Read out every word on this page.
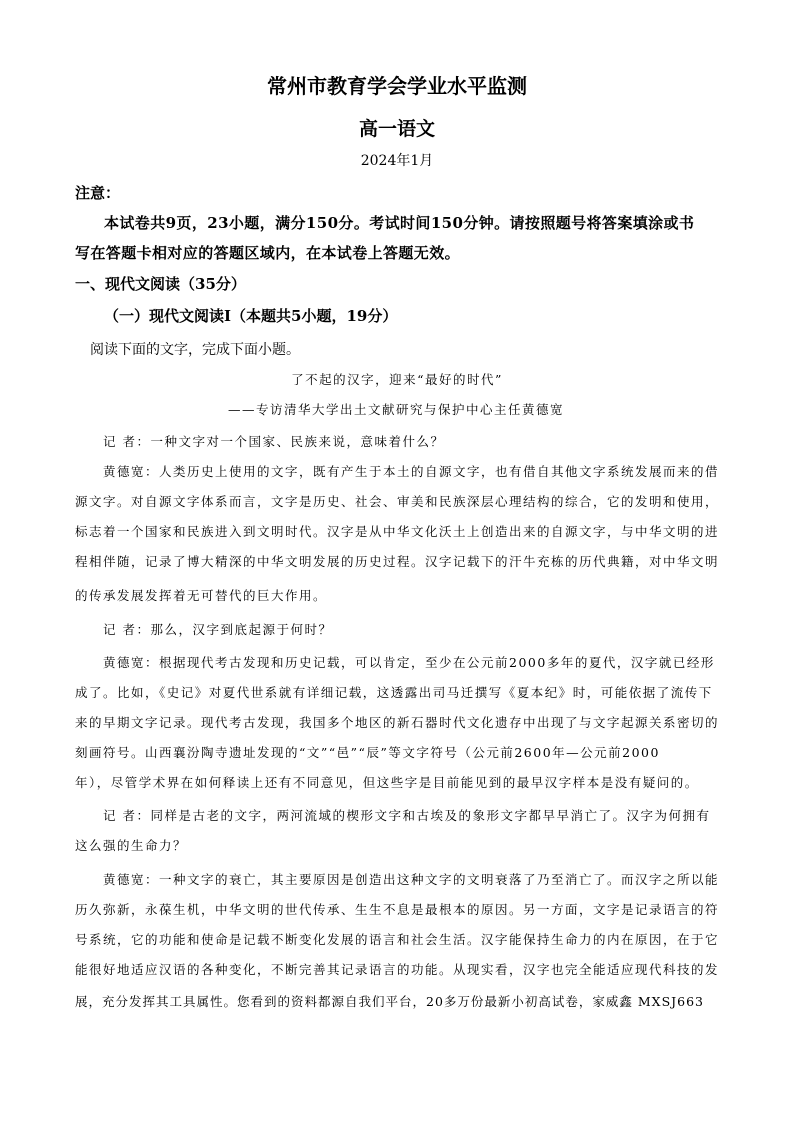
常州市教育学会学业水平监测
高一语文
2024年1月
注意：
本试卷共9页，23小题，满分150分。考试时间150分钟。请按照题号将答案填涂或书
写在答题卡相对应的答题区域内，在本试卷上答题无效。
一、现代文阅读（35分）
（一）现代文阅读Ⅰ（本题共5小题，19分）
阅读下面的文字，完成下面小题。
了不起的汉字，迎来“最好的时代”
——专访清华大学出土文献研究与保护中心主任黄德宽
记 者：一种文字对一个国家、民族来说，意味着什么？
黄德宽：人类历史上使用的文字，既有产生于本土的自源文字，也有借自其他文字系统发展而来的借
源文字。对自源文字体系而言，文字是历史、社会、审美和民族深层心理结构的综合，它的发明和使用，
标志着一个国家和民族进入到文明时代。汉字是从中华文化沃土上创造出来的自源文字，与中华文明的进
程相伴随，记录了博大精深的中华文明发展的历史过程。汉字记载下的汗牛充栋的历代典籍，对中华文明
的传承发展发挥着无可替代的巨大作用。
记 者：那么，汉字到底起源于何时？
黄德宽：根据现代考古发现和历史记载，可以肯定，至少在公元前2000多年的夏代，汉字就已经形
成了。比如，《史记》对夏代世系就有详细记载，这透露出司马迁撰写《夏本纪》时，可能依据了流传下
来的早期文字记录。现代考古发现，我国多个地区的新石器时代文化遗存中出现了与文字起源关系密切的
刻画符号。山西襄汾陶寺遗址发现的“文”“邑”“辰”等文字符号（公元前2600年—公元前2000
年），尽管学术界在如何释读上还有不同意见，但这些字是目前能见到的最早汉字样本是没有疑问的。
记 者：同样是古老的文字，两河流域的楔形文字和古埃及的象形文字都早早消亡了。汉字为何拥有
这么强的生命力？
黄德宽：一种文字的衰亡，其主要原因是创造出这种文字的文明衰落了乃至消亡了。而汉字之所以能
历久弥新，永葆生机，中华文明的世代传承、生生不息是最根本的原因。另一方面，文字是记录语言的符
号系统，它的功能和使命是记载不断变化发展的语言和社会生活。汉字能保持生命力的内在原因，在于它
能很好地适应汉语的各种变化，不断完善其记录语言的功能。从现实看，汉字也完全能适应现代科技的发
展，充分发挥其工具属性。您看到的资料都源自我们平台，20多万份最新小初高试卷，家威鑫 MXSJ663
